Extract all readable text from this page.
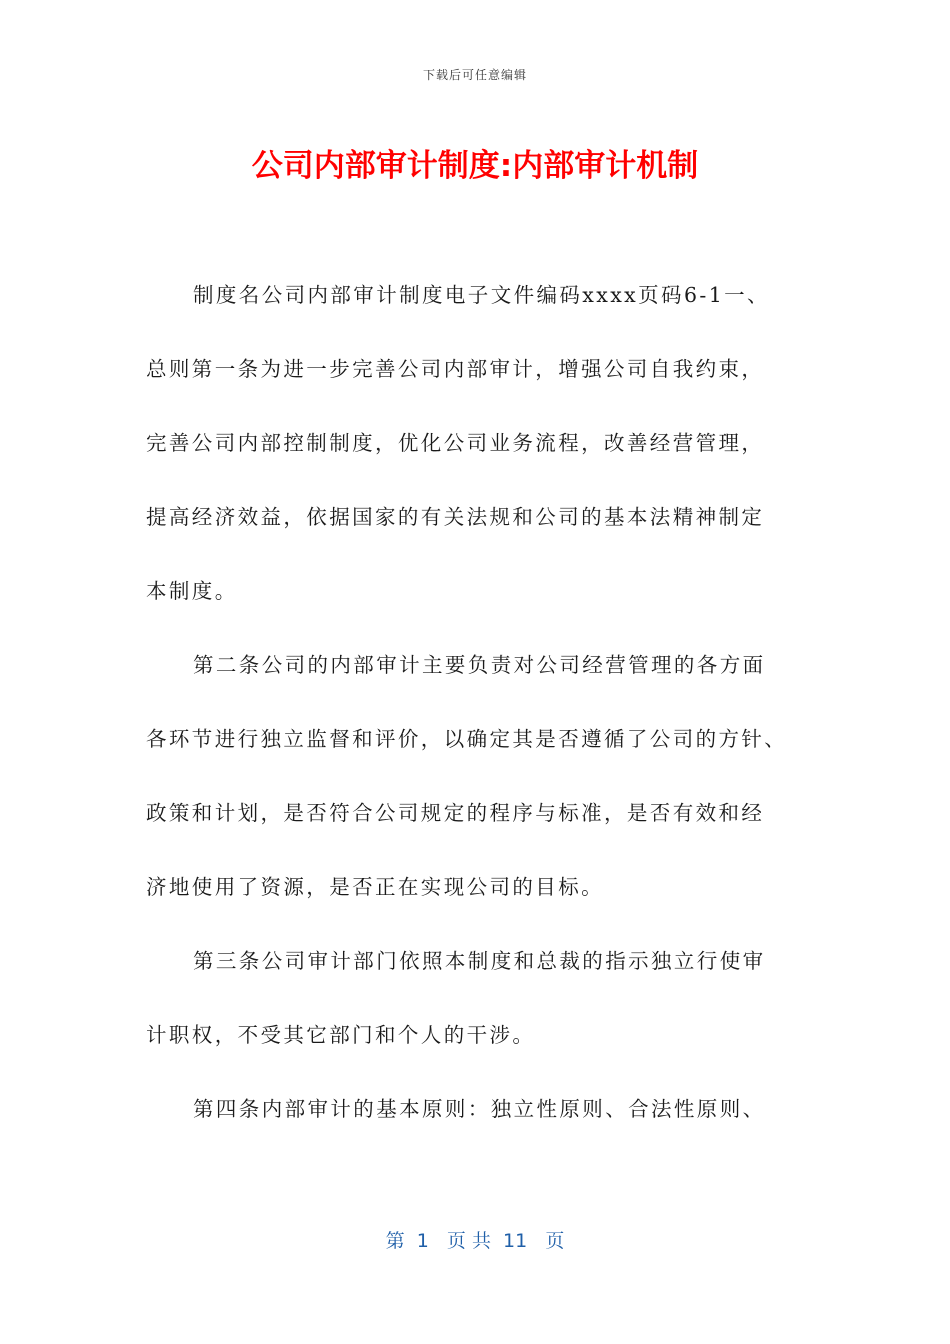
下载后可任意编辑
公司内部审计制度:内部审计机制
制度名公司内部审计制度电子文件编码xxxx页码6-1一、
总则第一条为进一步完善公司内部审计，增强公司自我约束，
完善公司内部控制制度，优化公司业务流程，改善经营管理，
提高经济效益，依据国家的有关法规和公司的基本法精神制定
本制度。
第二条公司的内部审计主要负责对公司经营管理的各方面
各环节进行独立监督和评价，以确定其是否遵循了公司的方针、
政策和计划，是否符合公司规定的程序与标准，是否有效和经
济地使用了资源，是否正在实现公司的目标。
第三条公司审计部门依照本制度和总裁的指示独立行使审
计职权，不受其它部门和个人的干涉。
第四条内部审计的基本原则：独立性原则、合法性原则、
第  1   页 共  11   页
